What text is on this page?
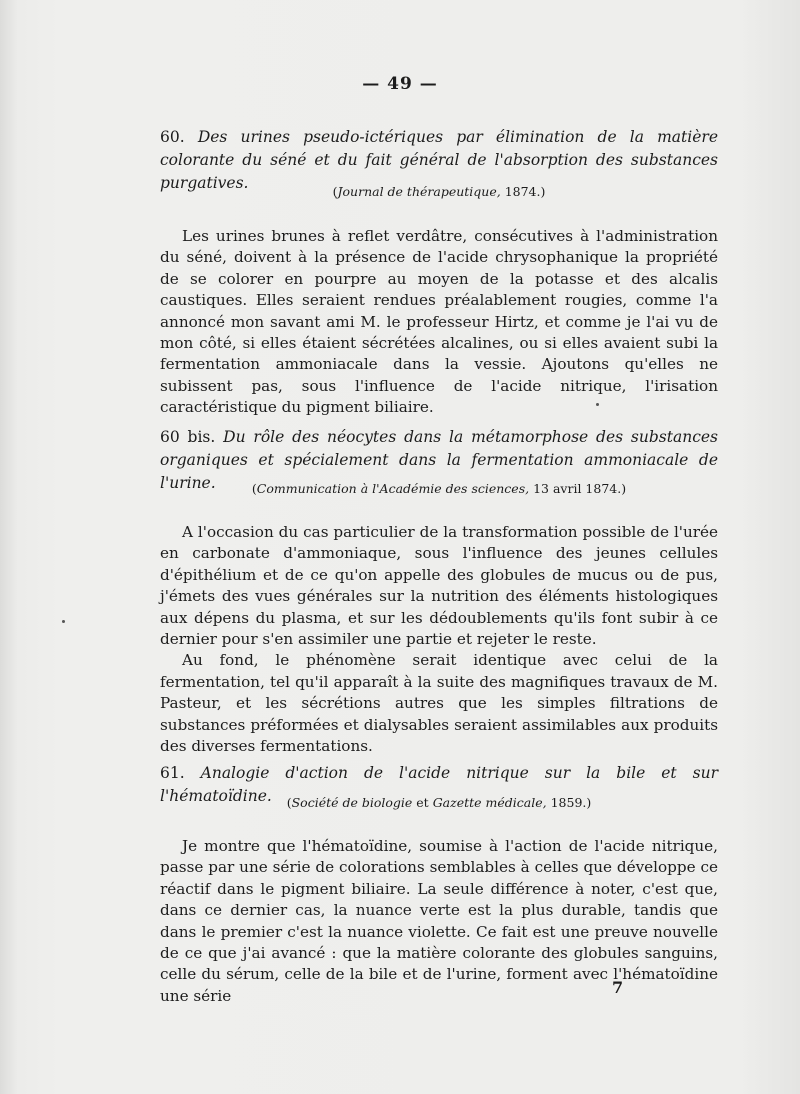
— 49 —
60. Des urines pseudo-ictériques par élimination de la matière colorante du séné et du fait général de l'absorption des substances purgatives.	(Journal de thérapeutique, 1874.)

Les urines brunes à reflet verdâtre, consécutives à l'administration du séné, doivent à la présence de l'acide chrysophanique la propriété de se colorer en pourpre au moyen de la potasse et des alcalis caustiques. Elles seraient rendues préalablement rougies, comme l'a annoncé mon savant ami M. le professeur Hirtz, et comme je l'ai vu de mon côté, si elles étaient sécrétées alcalines, ou si elles avaient subi la fermentation ammoniacale dans la vessie. Ajoutons qu'elles ne subissent pas, sous l'influence de l'acide nitrique, l'irisation caractéristique du pigment biliaire.

60 bis. Du rôle des néocytes dans la métamorphose des substances organiques et spécialement dans la fermentation ammoniacale de l'urine.	(Communication à l'Académie des sciences, 13 avril 1874.)

A l'occasion du cas particulier de la transformation possible de l'urée en carbonate d'ammoniaque, sous l'influence des jeunes cellules d'épithélium et de ce qu'on appelle des globules de mucus ou de pus, j'émets des vues générales sur la nutrition des éléments histologiques aux dépens du plasma, et sur les dédoublements qu'ils font subir à ce dernier pour s'en assimiler une partie et rejeter le reste.

Au fond, le phénomène serait identique avec celui de la fermentation, tel qu'il apparaît à la suite des magnifiques travaux de M. Pasteur, et les sécrétions autres que les simples filtrations de substances préformées et dialysables seraient assimilables aux produits des diverses fermentations.

61. Analogie d'action de l'acide nitrique sur la bile et sur l'hématoïdine.	(Société de biologie et Gazette médicale, 1859.)

Je montre que l'hématoïdine, soumise à l'action de l'acide nitrique, passe par une série de colorations semblables à celles que développe ce réactif dans le pigment biliaire. La seule différence à noter, c'est que, dans ce dernier cas, la nuance verte est la plus durable, tandis que dans le premier c'est la nuance violette. Ce fait est une preuve nouvelle de ce que j'ai avancé : que la matière colorante des globules sanguins, celle du sérum, celle de la bile et de l'urine, forment avec l'hématoïdine une série	7
